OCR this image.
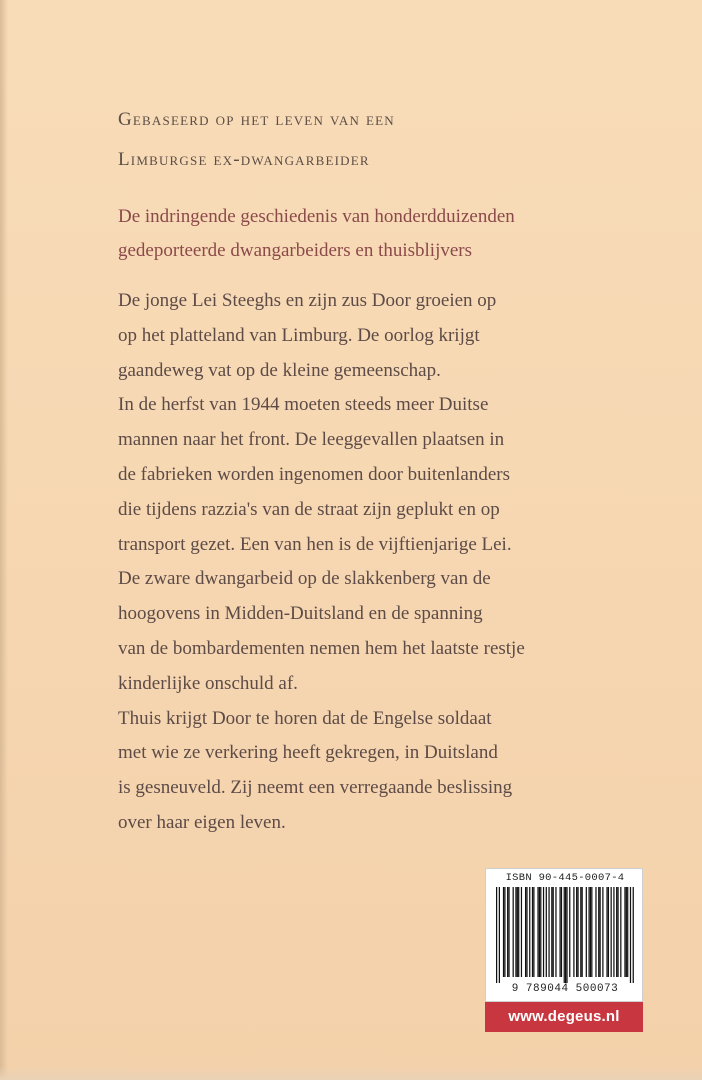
Gebaseerd op het leven van een
Limburgse ex-dwangarbeider
De indringende geschiedenis van honderdduizenden
gedeporteerde dwangarbeiders en thuisblijvers
De jonge Lei Steeghs en zijn zus Door groeien op
op het platteland van Limburg. De oorlog krijgt
gaandeweg vat op de kleine gemeenschap.
In de herfst van 1944 moeten steeds meer Duitse
mannen naar het front. De leeggevallen plaatsen in
de fabrieken worden ingenomen door buitenlanders
die tijdens razzia's van de straat zijn geplukt en op
transport gezet. Een van hen is de vijftienjarige Lei.
De zware dwangarbeid op de slakkenberg van de
hoogovens in Midden-Duitsland en de spanning
van de bombardementen nemen hem het laatste restje
kinderlijke onschuld af.
Thuis krijgt Door te horen dat de Engelse soldaat
met wie ze verkering heeft gekregen, in Duitsland
is gesneuveld. Zij neemt een verregaande beslissing
over haar eigen leven.
ISBN 90-445-0007-4
9 789044 500073
www.degeus.nl
